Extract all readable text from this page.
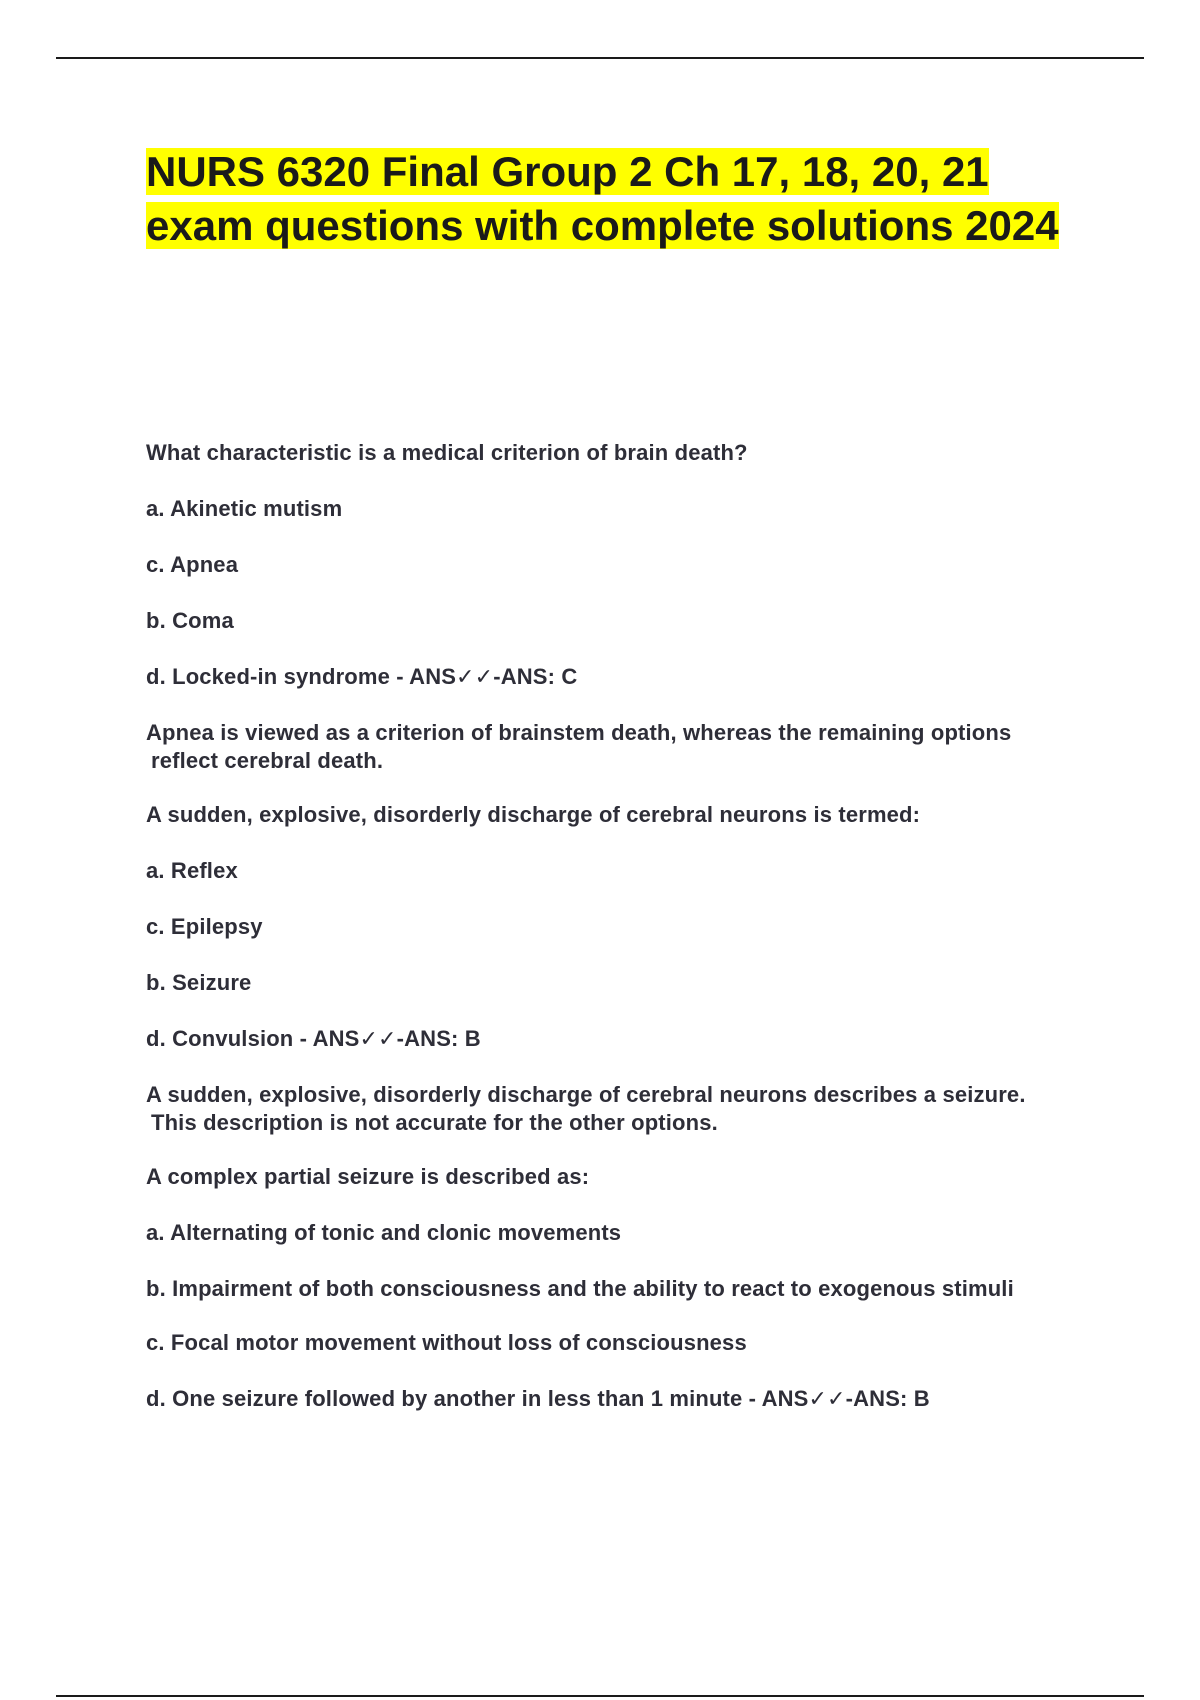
NURS 6320 Final Group 2 Ch 17, 18, 20, 21 exam questions with complete solutions 2024

What characteristic is a medical criterion of brain death?

a. Akinetic mutism

c. Apnea

b. Coma

d. Locked-in syndrome - ANS✓✓-ANS: C

Apnea is viewed as a criterion of brainstem death, whereas the remaining options reflect cerebral death.

A sudden, explosive, disorderly discharge of cerebral neurons is termed:

a. Reflex

c. Epilepsy

b. Seizure

d. Convulsion - ANS✓✓-ANS: B

A sudden, explosive, disorderly discharge of cerebral neurons describes a seizure. This description is not accurate for the other options.

A complex partial seizure is described as:

a. Alternating of tonic and clonic movements

b. Impairment of both consciousness and the ability to react to exogenous stimuli

c. Focal motor movement without loss of consciousness

d. One seizure followed by another in less than 1 minute - ANS✓✓-ANS: B
